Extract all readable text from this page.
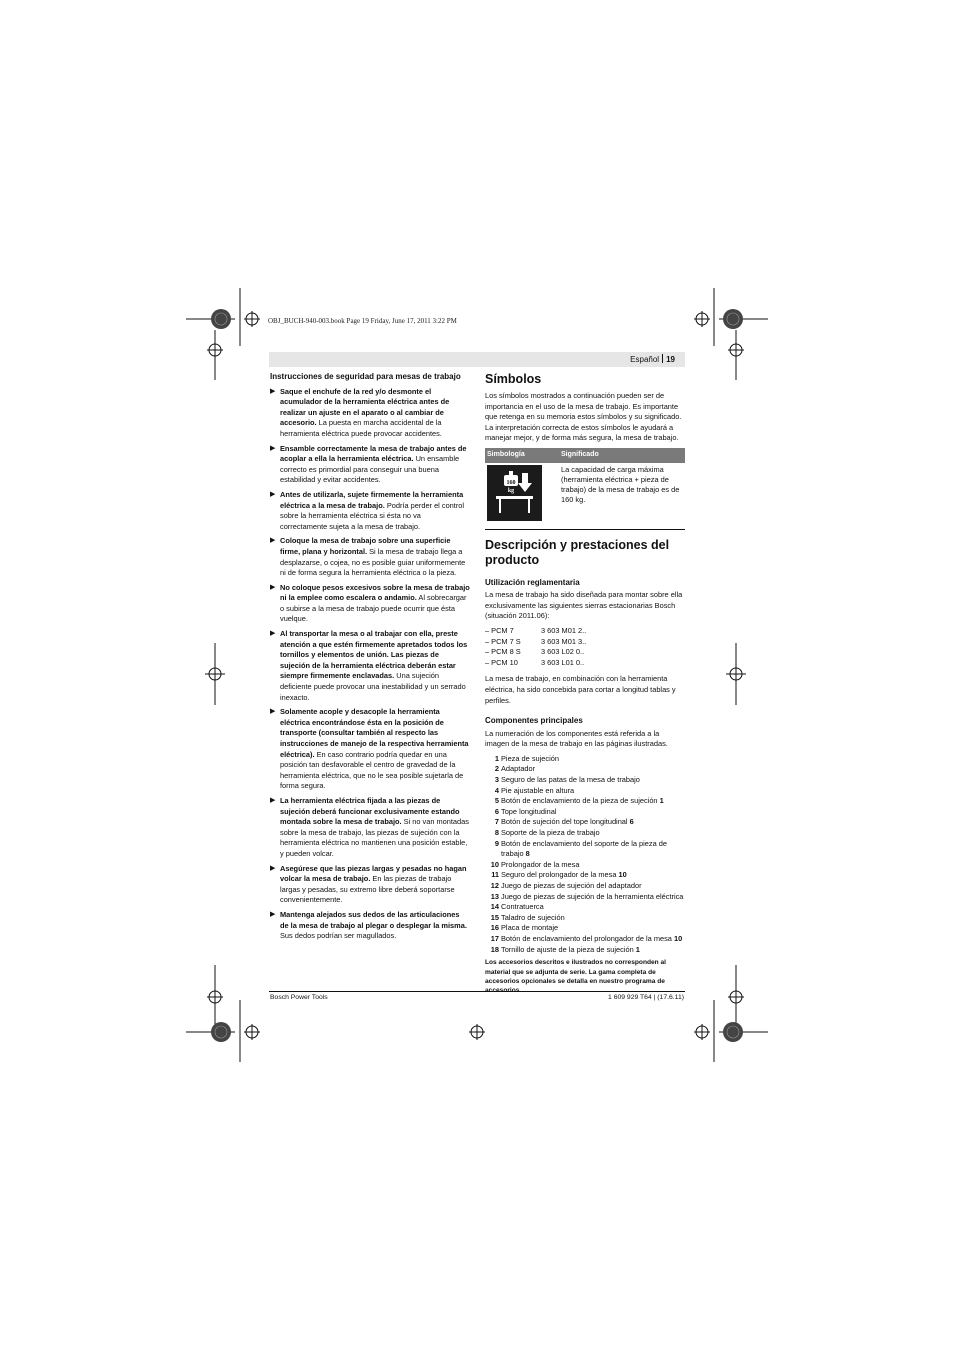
OBJ_BUCH-940-003.book Page 19 Friday, June 17, 2011 3:22 PM
Español 19
Instrucciones de seguridad para mesas de trabajo
▶ Saque el enchufe de la red y/o desmonte el acumulador de la herramienta eléctrica antes de realizar un ajuste en el aparato o al cambiar de accesorio. La puesta en marcha accidental de la herramienta eléctrica puede provocar accidentes.
▶ Ensamble correctamente la mesa de trabajo antes de acoplar a ella la herramienta eléctrica. Un ensamble correcto es primordial para conseguir una buena estabilidad y evitar accidentes.
▶ Antes de utilizarla, sujete firmemente la herramienta eléctrica a la mesa de trabajo. Podría perder el control sobre la herramienta eléctrica si ésta no va correctamente sujeta a la mesa de trabajo.
▶ Coloque la mesa de trabajo sobre una superficie firme, plana y horizontal. Si la mesa de trabajo llega a desplazarse, o cojea, no es posible guiar uniformemente ni de forma segura la herramienta eléctrica o la pieza.
▶ No coloque pesos excesivos sobre la mesa de trabajo ni la emplee como escalera o andamio. Al sobrecargar o subirse a la mesa de trabajo puede ocurrir que ésta vuelque.
▶ Al transportar la mesa o al trabajar con ella, preste atención a que estén firmemente apretados todos los tornillos y elementos de unión. Las piezas de sujeción de la herramienta eléctrica deberán estar siempre firmemente enclavadas. Una sujeción deficiente puede provocar una inestabilidad y un serrado inexacto.
▶ Solamente acople y desacople la herramienta eléctrica encontrándose ésta en la posición de transporte (consultar también al respecto las instrucciones de manejo de la respectiva herramienta eléctrica). En caso contrario podría quedar en una posición tan desfavorable el centro de gravedad de la herramienta eléctrica, que no le sea posible sujetarla de forma segura.
▶ La herramienta eléctrica fijada a las piezas de sujeción deberá funcionar exclusivamente estando montada sobre la mesa de trabajo. Si no van montadas sobre la mesa de trabajo, las piezas de sujeción con la herramienta eléctrica no mantienen una posición estable, y pueden volcar.
▶ Asegúrese que las piezas largas y pesadas no hagan volcar la mesa de trabajo. En las piezas de trabajo largas y pesadas, su extremo libre deberá soportarse convenientemente.
▶ Mantenga alejados sus dedos de las articulaciones de la mesa de trabajo al plegar o desplegar la misma. Sus dedos podrían ser magullados.
Símbolos

Los símbolos mostrados a continuación pueden ser de importancia en el uso de la mesa de trabajo. Es importante que retenga en su memoria estos símbolos y su significado. La interpretación correcta de estos símbolos le ayudará a manejar mejor, y de forma más segura, la mesa de trabajo.

Simbología	Significado

160
kg	La capacidad de carga máxima (herramienta eléctrica + pieza de trabajo) de la mesa de trabajo es de 160 kg.
Descripción y prestaciones del producto
Utilización reglamentaria

La mesa de trabajo ha sido diseñada para montar sobre ella exclusivamente las siguientes sierras estacionarias Bosch (situación 2011.06):

– PCM 7	3 603 M01 2..
– PCM 7 S	3 603 M01 3..
– PCM 8 S	3 603 L02 0..
– PCM 10	3 603 L01 0..

La mesa de trabajo, en combinación con la herramienta eléctrica, ha sido concebida para cortar a longitud tablas y perfiles.

Componentes principales

La numeración de los componentes está referida a la imagen de la mesa de trabajo en las páginas ilustradas.

1 Pieza de sujeción
2 Adaptador
3 Seguro de las patas de la mesa de trabajo
4 Pie ajustable en altura
5 Botón de enclavamiento de la pieza de sujeción 1
6 Tope longitudinal
7 Botón de sujeción del tope longitudinal 6
8 Soporte de la pieza de trabajo
9 Botón de enclavamiento del soporte de la pieza de trabajo 8
10 Prolongador de la mesa
11 Seguro del prolongador de la mesa 10
12 Juego de piezas de sujeción del adaptador
13 Juego de piezas de sujeción de la herramienta eléctrica
14 Contratuerca
15 Taladro de sujeción
16 Placa de montaje
17 Botón de enclavamiento del prolongador de la mesa 10
18 Tornillo de ajuste de la pieza de sujeción 1
Los accesorios descritos e ilustrados no corresponden al material que se adjunta de serie. La gama completa de accesorios opcionales se detalla en nuestro programa de
Bosch Power Tools	1 609 929 T64 | (17.6.11)
